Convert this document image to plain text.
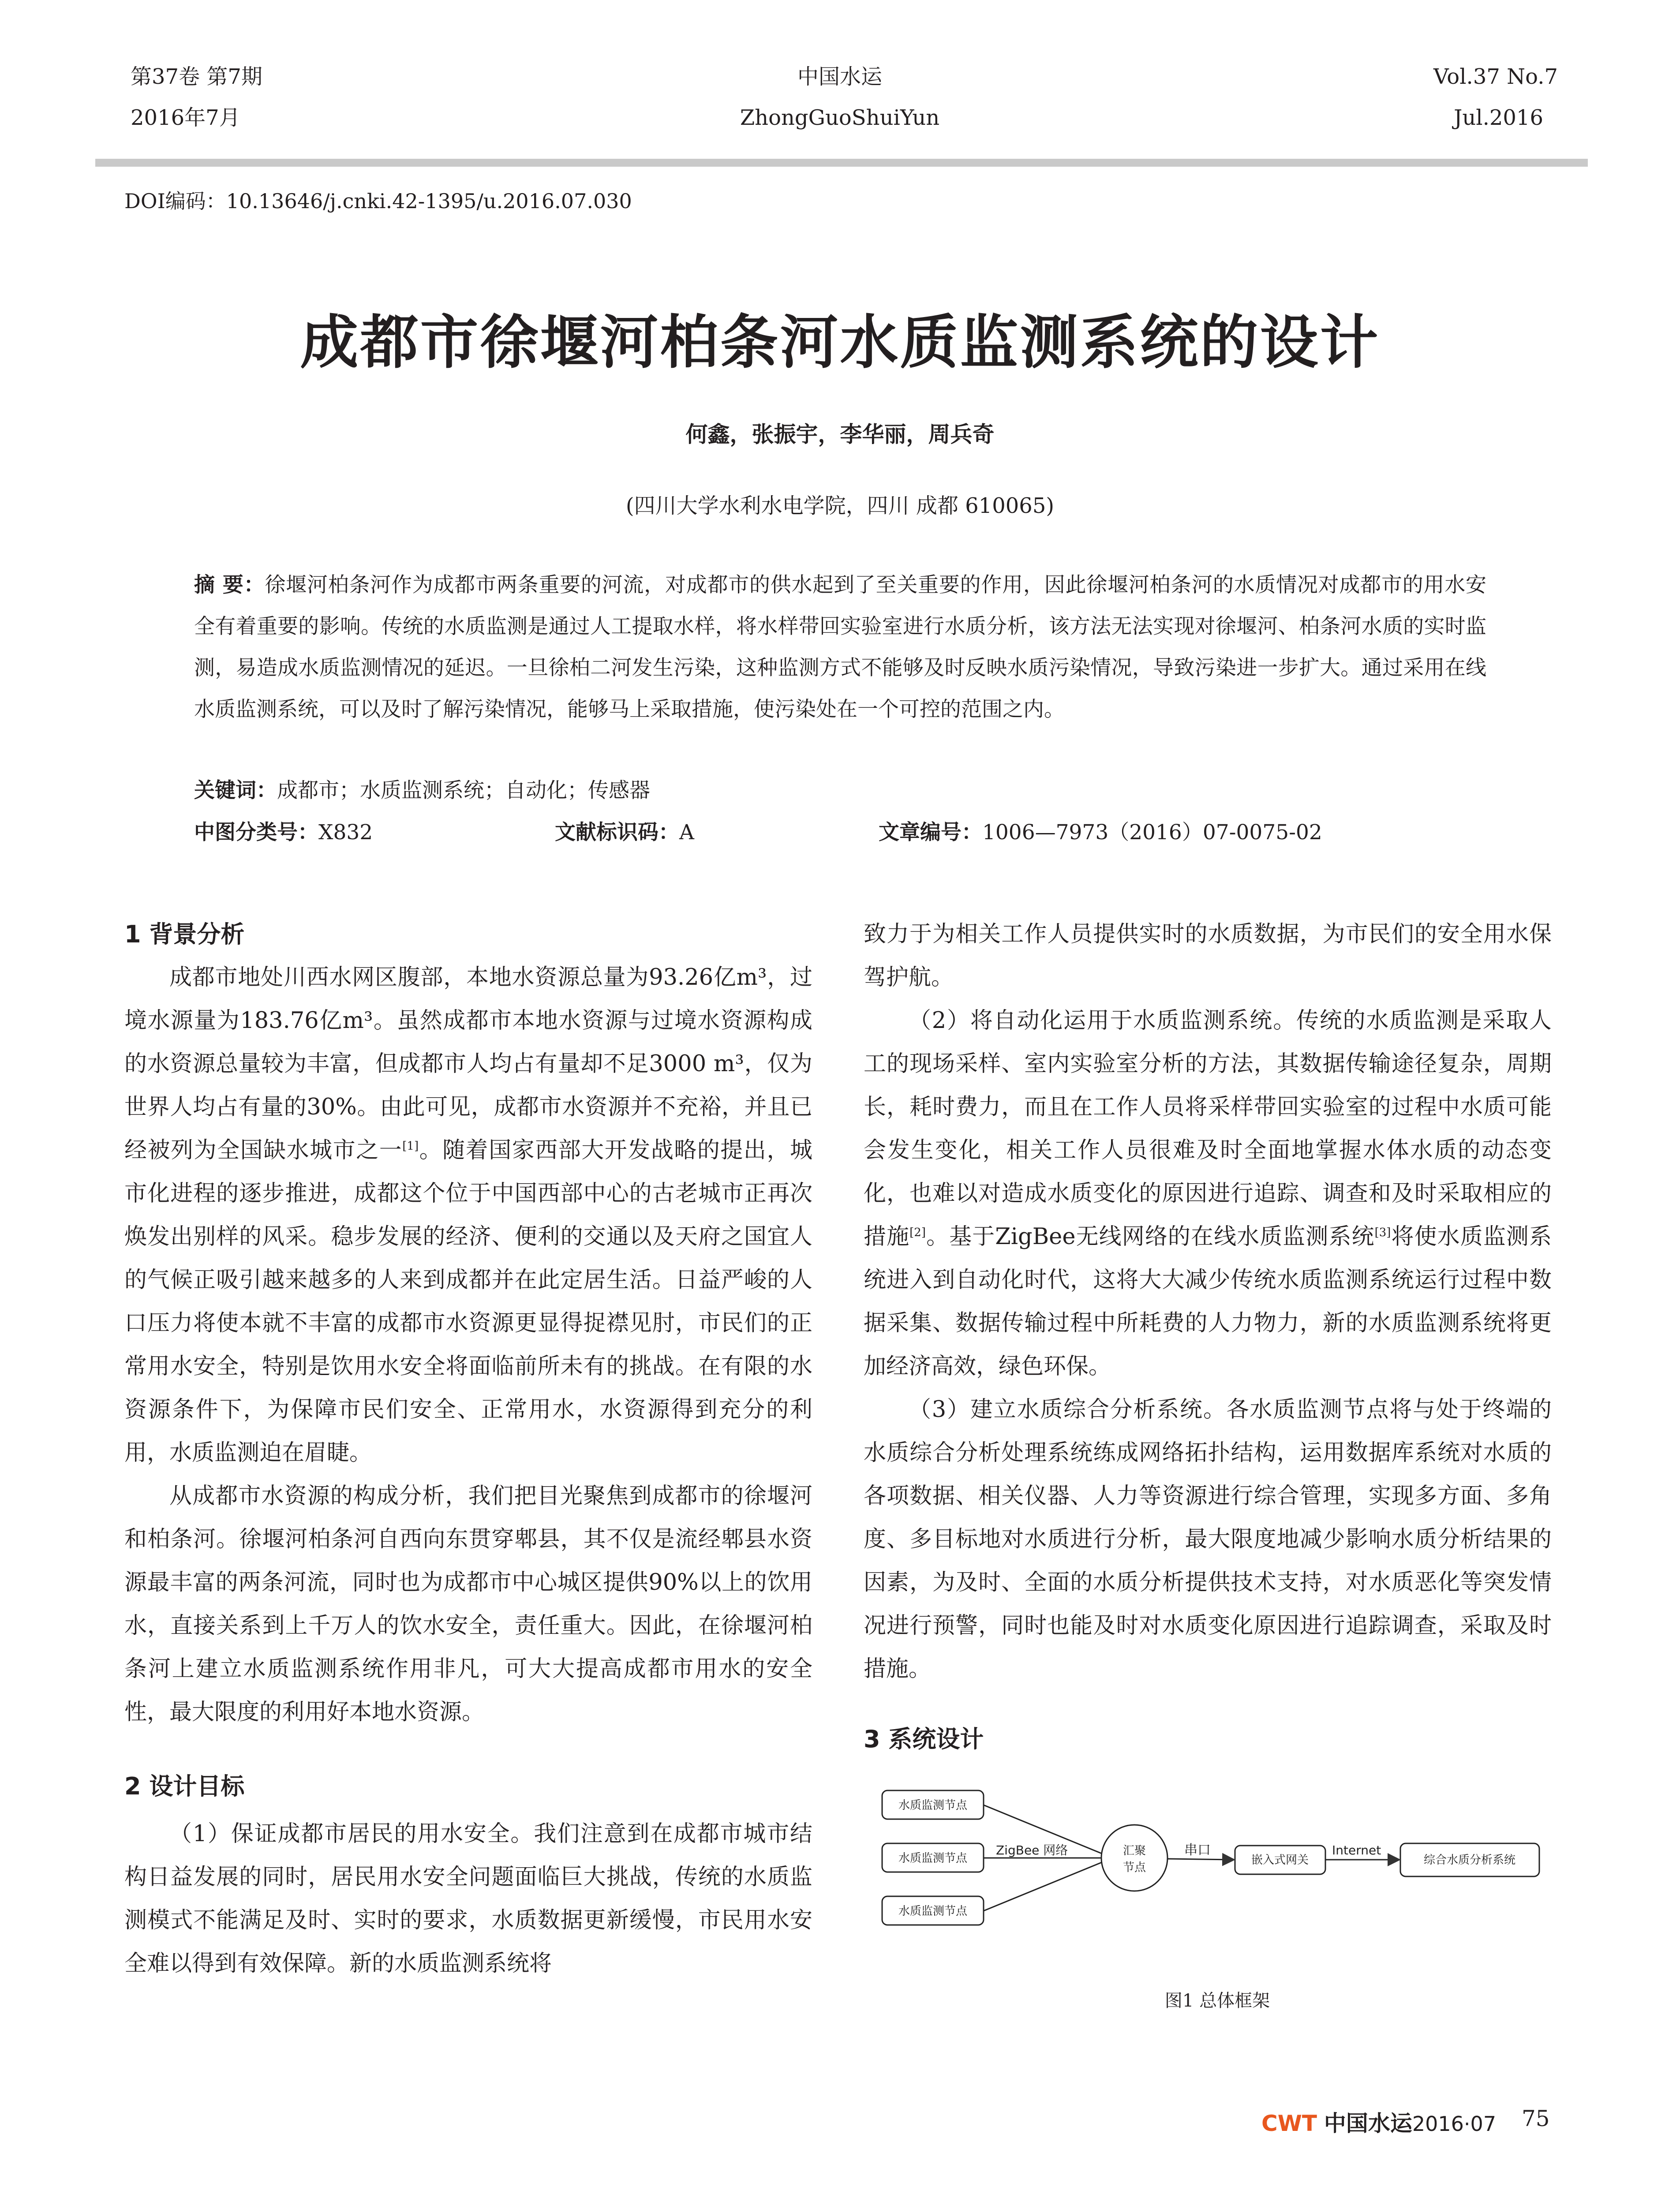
第37卷 第7期
2016年7月
中国水运
ZhongGuoShuiYun
Vol.37 No.7
Jul.2016
DOI编码：10.13646/j.cnki.42-1395/u.2016.07.030
成都市徐堰河柏条河水质监测系统的设计
何鑫，张振宇，李华丽，周兵奇
(四川大学水利水电学院，四川 成都 610065)
摘 要：徐堰河柏条河作为成都市两条重要的河流，对成都市的供水起到了至关重要的作用，因此徐堰河柏条河的水质情况对成都市的用水安全有着重要的影响。传统的水质监测是通过人工提取水样，将水样带回实验室进行水质分析，该方法无法实现对徐堰河、柏条河水质的实时监测，易造成水质监测情况的延迟。一旦徐柏二河发生污染，这种监测方式不能够及时反映水质污染情况，导致污染进一步扩大。通过采用在线水质监测系统，可以及时了解污染情况，能够马上采取措施，使污染处在一个可控的范围之内。
关键词：成都市；水质监测系统；自动化；传感器
中图分类号：X832	文献标识码：A	文章编号：1006—7973（2016）07-0075-02
1 背景分析

成都市地处川西水网区腹部，本地水资源总量为93.26亿m³，过境水源量为183.76亿m³。虽然成都市本地水资源与过境水资源构成的水资源总量较为丰富，但成都市人均占有量却不足3000 m³，仅为世界人均占有量的30%。由此可见，成都市水资源并不充裕，并且已经被列为全国缺水城市之一[1]。随着国家西部大开发战略的提出，城市化进程的逐步推进，成都这个位于中国西部中心的古老城市正再次焕发出别样的风采。稳步发展的经济、便利的交通以及天府之国宜人的气候正吸引越来越多的人来到成都并在此定居生活。日益严峻的人口压力将使本就不丰富的成都市水资源更显得捉襟见肘，市民们的正常用水安全，特别是饮用水安全将面临前所未有的挑战。在有限的水资源条件下，为保障市民们安全、正常用水，水资源得到充分的利用，水质监测迫在眉睫。

从成都市水资源的构成分析，我们把目光聚焦到成都市的徐堰河和柏条河。徐堰河柏条河自西向东贯穿郫县，其不仅是流经郫县水资源最丰富的两条河流，同时也为成都市中心城区提供90%以上的饮用水，直接关系到上千万人的饮水安全，责任重大。因此，在徐堰河柏条河上建立水质监测系统作用非凡，可大大提高成都市用水的安全性，最大限度的利用好本地水资源。

2 设计目标

（1）保证成都市居民的用水安全。我们注意到在成都市城市结构日益发展的同时，居民用水安全问题面临巨大挑战，传统的水质监测模式不能满足及时、实时的要求，水质数据更新缓慢，市民用水安全难以得到有效保障。新的水质监测系统将

致力于为相关工作人员提供实时的水质数据，为市民们的安全用水保驾护航。

（2）将自动化运用于水质监测系统。传统的水质监测是采取人工的现场采样、室内实验室分析的方法，其数据传输途径复杂，周期长，耗时费力，而且在工作人员将采样带回实验室的过程中水质可能会发生变化，相关工作人员很难及时全面地掌握水体水质的动态变化，也难以对造成水质变化的原因进行追踪、调查和及时采取相应的措施[2]。基于ZigBee无线网络的在线水质监测系统[3]将使水质监测系统进入到自动化时代，这将大大减少传统水质监测系统运行过程中数据采集、数据传输过程中所耗费的人力物力，新的水质监测系统将更加经济高效，绿色环保。

（3）建立水质综合分析系统。各水质监测节点将与处于终端的水质综合分析处理系统练成网络拓扑结构，运用数据库系统对水质的各项数据、相关仪器、人力等资源进行综合管理，实现多方面、多角度、多目标地对水质进行分析，最大限度地减少影响水质分析结果的因素，为及时、全面的水质分析提供技术支持，对水质恶化等突发情况进行预警，同时也能及时对水质变化原因进行追踪调查，采取及时措施。

3 系统设计
水质监测节点
水质监测节点
水质监测节点
ZigBee 网络	汇聚
节点
串口
嵌入式网关
Internet
综合水质分析系统
图1 总体框架
CWT 中国水运2016·07 75
